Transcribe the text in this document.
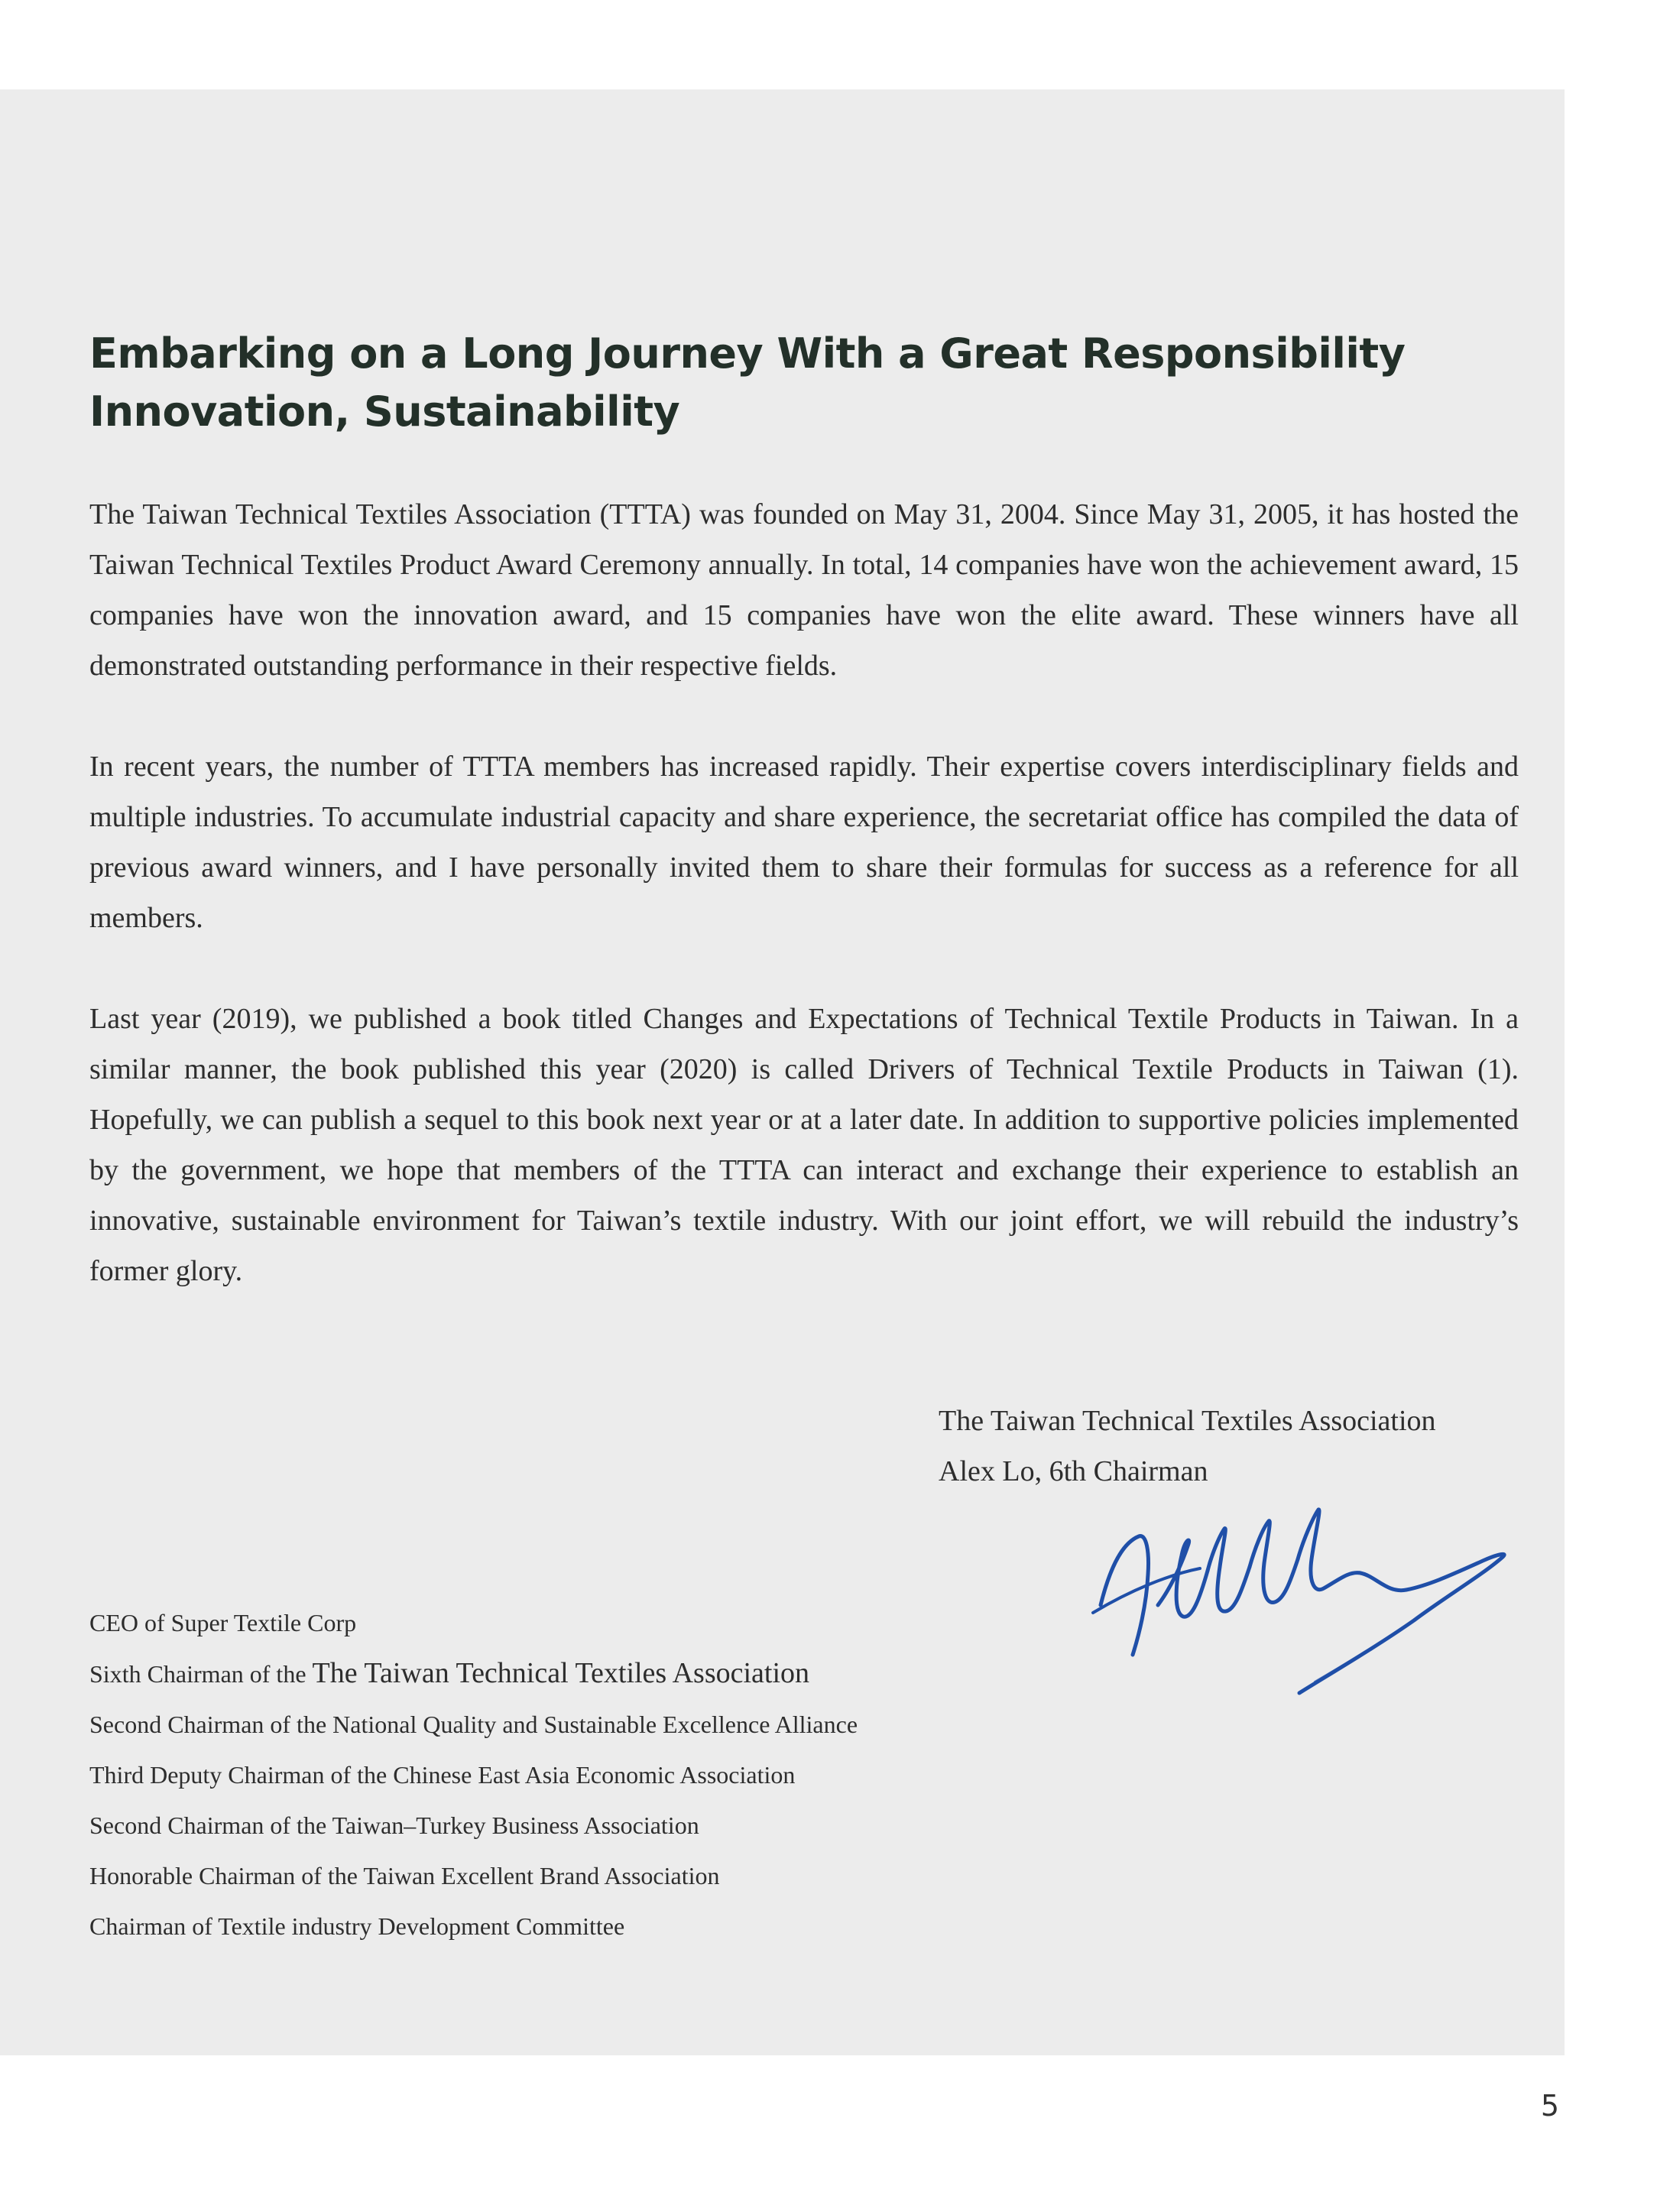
Embarking on a Long Journey With a Great Responsibility
Innovation, Sustainability

The Taiwan Technical Textiles Association (TTTA) was founded on May 31, 2004. Since May 31, 2005, it has hosted the Taiwan Technical Textiles Product Award Ceremony annually. In total, 14 companies have won the achievement award, 15 companies have won the innovation award, and 15 companies have won the elite award. These winners have all demonstrated outstanding performance in their respective fields.

In recent years, the number of TTTA members has increased rapidly. Their expertise covers interdisciplinary fields and multiple industries. To accumulate industrial capacity and share experience, the secretariat office has compiled the data of previous award winners, and I have personally invited them to share their formulas for success as a reference for all members.

Last year (2019), we published a book titled Changes and Expectations of Technical Textile Products in Taiwan. In a similar manner, the book published this year (2020) is called Drivers of Technical Textile Products in Taiwan (1). Hopefully, we can publish a sequel to this book next year or at a later date. In addition to supportive policies implemented by the government, we hope that members of the TTTA can interact and exchange their experience to establish an innovative, sustainable environment for Taiwan’s textile industry. With our joint effort, we will rebuild the industry’s former glory.

The Taiwan Technical Textiles Association
Alex Lo, 6th Chairman
CEO of Super Textile Corp
Sixth Chairman of the The Taiwan Technical Textiles Association
Second Chairman of the National Quality and Sustainable Excellence Alliance
Third Deputy Chairman of the Chinese East Asia Economic Association
Second Chairman of the Taiwan–Turkey Business Association
Honorable Chairman of the Taiwan Excellent Brand Association
Chairman of Textile industry Development Committee
5
